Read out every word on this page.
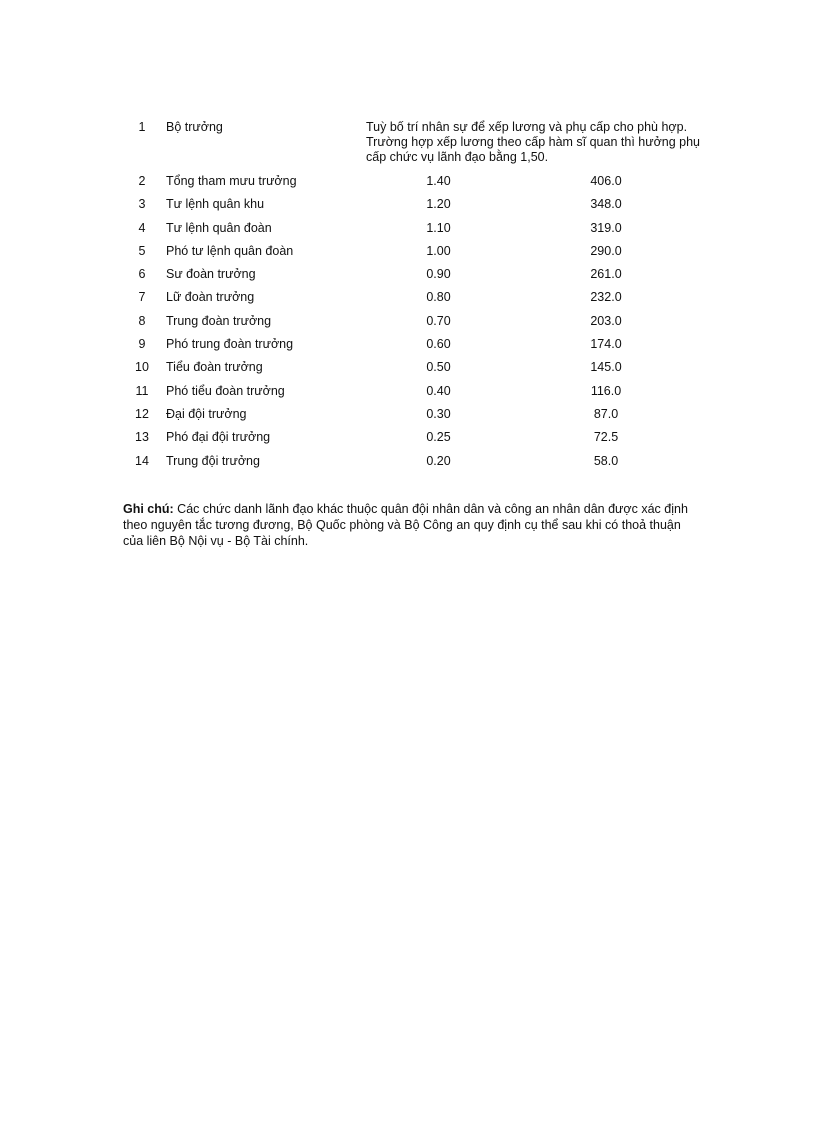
1	Bộ trưởng	Tuỳ bố trí nhân sự để xếp lương và phụ cấp cho phù hợp.
Trường hợp xếp lương theo cấp hàm sĩ quan thì hưởng phụ
cấp chức vụ lãnh đạo bằng 1,50.
2	Tổng tham mưu trưởng	1.40	406.0
3	Tư lệnh quân khu	1.20	348.0
4	Tư lệnh quân đoàn	1.10	319.0
5	Phó tư lệnh quân đoàn	1.00	290.0
6	Sư đoàn trưởng	0.90	261.0
7	Lữ đoàn trưởng	0.80	232.0
8	Trung đoàn trưởng	0.70	203.0
9	Phó trung đoàn trưởng	0.60	174.0
10	Tiểu đoàn trưởng	0.50	145.0
11	Phó tiểu đoàn trưởng	0.40	116.0
12	Đại đội trưởng	0.30	87.0
13	Phó đại đội trưởng	0.25	72.5
14	Trung đội trưởng	0.20	58.0
Ghi chú: Các chức danh lãnh đạo khác thuộc quân đội nhân dân và công an nhân dân được xác định theo nguyên tắc tương đương, Bộ Quốc phòng và Bộ Công an quy định cụ thể sau khi có thoả thuận của liên Bộ Nội vụ - Bộ Tài chính.
